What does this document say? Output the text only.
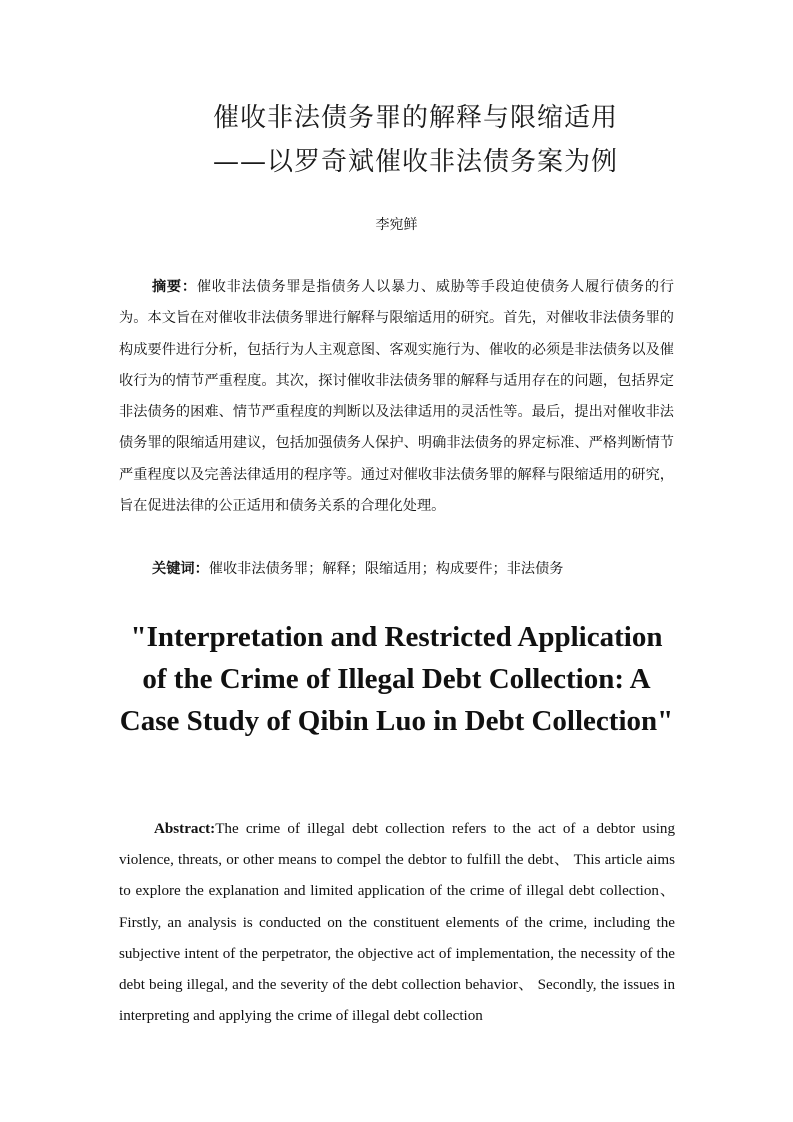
催收非法债务罪的解释与限缩适用
——以罗奇斌催收非法债务案为例
李宛鲜

摘要：催收非法债务罪是指债务人以暴力、威胁等手段迫使债务人履行债务的行为。本文旨在对催收非法债务罪进行解释与限缩适用的研究。首先，对催收非法债务罪的构成要件进行分析，包括行为人主观意图、客观实施行为、催收的必须是非法债务以及催收行为的情节严重程度。其次，探讨催收非法债务罪的解释与适用存在的问题，包括界定非法债务的困难、情节严重程度的判断以及法律适用的灵活性等。最后，提出对催收非法债务罪的限缩适用建议，包括加强债务人保护、明确非法债务的界定标准、严格判断情节严重程度以及完善法律适用的程序等。通过对催收非法债务罪的解释与限缩适用的研究，旨在促进法律的公正适用和债务关系的合理化处理。

关键词：催收非法债务罪；解释；限缩适用；构成要件；非法债务

"Interpretation and Restricted Application of the Crime of Illegal Debt Collection: A Case Study of Qibin Luo in Debt Collection"

Abstract:The crime of illegal debt collection refers to the act of a debtor using violence, threats, or other means to compel the debtor to fulfill the debt、 This article aims to explore the explanation and limited application of the crime of illegal debt collection、 Firstly, an analysis is conducted on the constituent elements of the crime, including the subjective intent of the perpetrator, the objective act of implementation, the necessity of the debt being illegal, and the severity of the debt collection behavior、 Secondly, the issues in interpreting and applying the crime of illegal debt collection
